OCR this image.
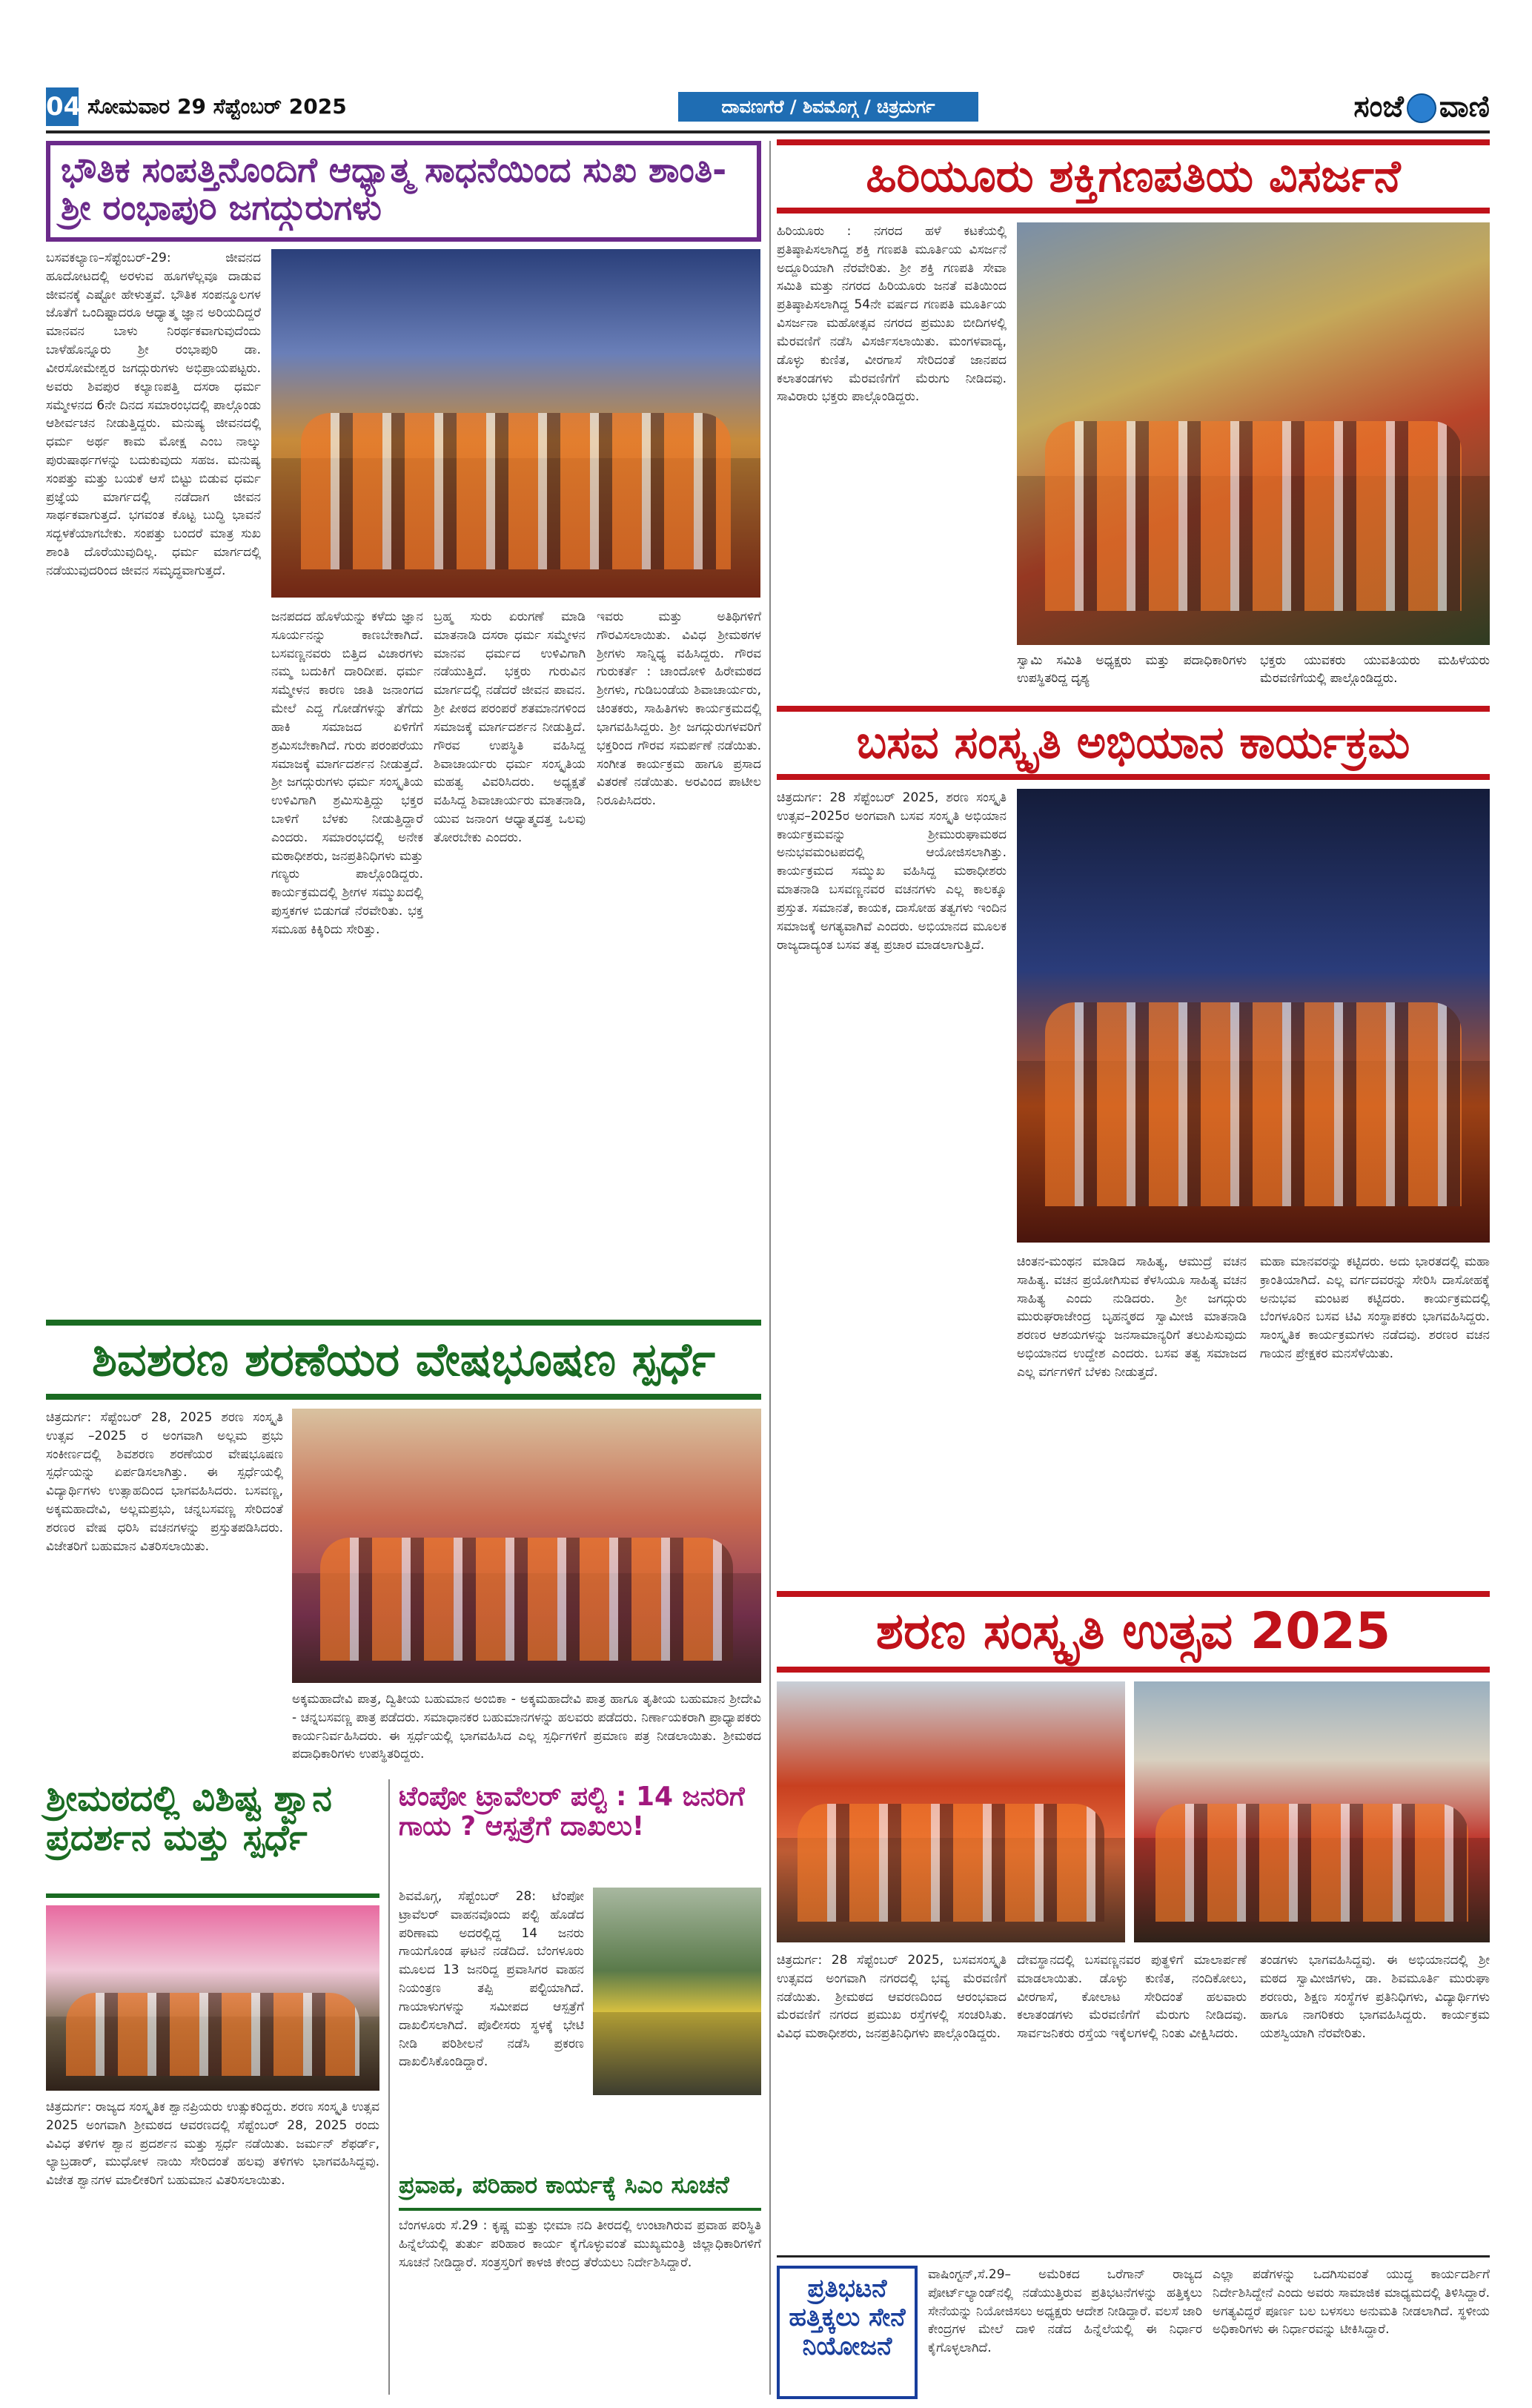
04 ಸೋಮವಾರ 29 ಸೆಪ್ಟೆಂಬರ್ 2025	ದಾವಣಗೆರೆ / ಶಿವಮೊಗ್ಗ / ಚಿತ್ರದುರ್ಗ	ಸಂಜೆ ವಾಣಿ
ಭೌತಿಕ ಸಂಪತ್ತಿನೊಂದಿಗೆ ಆಧ್ಯಾತ್ಮ ಸಾಧನೆಯಿಂದ ಸುಖ ಶಾಂತಿ-ಶ್ರೀ ರಂಭಾಪುರಿ ಜಗದ್ಗುರುಗಳು
ಬಸವಕಲ್ಯಾಣ–ಸೆಪ್ಟೆಂಬರ್-29: ಜೀವನದ ಹೂದೋಟದಲ್ಲಿ ಅರಳುವ ಹೂಗಳೆಲ್ಲವೂ ದಾಡುವ ಜೀವನಕ್ಕೆ ಎಷ್ಟೋ ಹೇಳುತ್ತವೆ. ಭೌತಿಕ ಸಂಪನ್ಮೂಲಗಳ ಜೊತೆಗೆ ಒಂದಿಷ್ಟಾದರೂ ಆಧ್ಯಾತ್ಮ ಜ್ಞಾನ ಅರಿಯದಿದ್ದರೆ ಮಾನವನ ಬಾಳು ನಿರರ್ಥಕವಾಗುವುದೆಂದು ಬಾಳೆಹೊನ್ನೂರು ಶ್ರೀ ರಂಭಾಪುರಿ ಡಾ. ವೀರಸೋಮೇಶ್ವರ ಜಗದ್ಗುರುಗಳು ಅಭಿಪ್ರಾಯಪಟ್ಟರು. ಅವರು ಶಿವಪುರ ಕಲ್ಯಾಣಪತ್ತಿ ದಸರಾ ಧರ್ಮ ಸಮ್ಮೇಳನದ 6ನೇ ದಿನದ ಸಮಾರಂಭದಲ್ಲಿ ಪಾಲ್ಗೊಂಡು ಆಶೀರ್ವಚನ ನೀಡುತ್ತಿದ್ದರು. ಮನುಷ್ಯ ಜೀವನದಲ್ಲಿ ಧರ್ಮ ಅರ್ಥ ಕಾಮ ಮೋಕ್ಷ ಎಂಬ ನಾಲ್ಕು ಪುರುಷಾರ್ಥಗಳನ್ನು ಬದುಕುವುದು ಸಹಜ. ಮನುಷ್ಯ ಸಂಪತ್ತು ಮತ್ತು ಬಯಕೆ ಆಸೆ ಬಿಟ್ಟು ಬಿಡುವ ಧರ್ಮ ಪ್ರಜ್ಞೆಯ ಮಾರ್ಗದಲ್ಲಿ ನಡೆದಾಗ ಜೀವನ ಸಾರ್ಥಕವಾಗುತ್ತದೆ. ಭಗವಂತ ಕೊಟ್ಟ ಬುದ್ಧಿ ಭಾವನೆ ಸದ್ಭಳಕೆಯಾಗಬೇಕು. ಸಂಪತ್ತು ಬಂದರೆ ಮಾತ್ರ ಸುಖ ಶಾಂತಿ ದೊರೆಯುವುದಿಲ್ಲ. ಧರ್ಮ ಮಾರ್ಗದಲ್ಲಿ ನಡೆಯುವುದರಿಂದ ಜೀವನ ಸಮೃದ್ಧವಾಗುತ್ತದೆ.
ಜನಪದದ ಹೊಳೆಯನ್ನು ಕಳೆದು ಜ್ಞಾನ ಸೂರ್ಯನನ್ನು ಕಾಣಬೇಕಾಗಿದೆ. ಬಸವಣ್ಣನವರು ಬಿತ್ತಿದ ವಿಚಾರಗಳು ನಮ್ಮ ಬದುಕಿಗೆ ದಾರಿದೀಪ. ಧರ್ಮ ಸಮ್ಮೇಳನ ಕಾರಣ ಜಾತಿ ಜನಾಂಗದ ಮೇಲೆ ಎದ್ದ ಗೋಡೆಗಳನ್ನು ತೆಗೆದು ಹಾಕಿ ಸಮಾಜದ ಏಳಿಗೆಗೆ ಶ್ರಮಿಸಬೇಕಾಗಿದೆ. ಗುರು ಪರಂಪರೆಯು ಸಮಾಜಕ್ಕೆ ಮಾರ್ಗದರ್ಶನ ನೀಡುತ್ತದೆ. ಶ್ರೀ ಜಗದ್ಗುರುಗಳು ಧರ್ಮ ಸಂಸ್ಕೃತಿಯ ಉಳಿವಿಗಾಗಿ ಶ್ರಮಿಸುತ್ತಿದ್ದು ಭಕ್ತರ ಬಾಳಿಗೆ ಬೆಳಕು ನೀಡುತ್ತಿದ್ದಾರೆ ಎಂದರು. ಸಮಾರಂಭದಲ್ಲಿ ಅನೇಕ ಮಠಾಧೀಶರು, ಜನಪ್ರತಿನಿಧಿಗಳು ಮತ್ತು ಗಣ್ಯರು ಪಾಲ್ಗೊಂಡಿದ್ದರು. ಕಾರ್ಯಕ್ರಮದಲ್ಲಿ ಶ್ರೀಗಳ ಸಮ್ಮುಖದಲ್ಲಿ ಪುಸ್ತಕಗಳ ಬಿಡುಗಡೆ ನೆರವೇರಿತು. ಭಕ್ತ ಸಮೂಹ ಕಿಕ್ಕಿರಿದು ಸೇರಿತ್ತು.
ಬ್ರಹ್ಮ ಸುರು ಏರುಗಣೆ ಮಾಡಿ ಮಾತನಾಡಿ ದಸರಾ ಧರ್ಮ ಸಮ್ಮೇಳನ ಮಾನವ ಧರ್ಮದ ಉಳಿವಿಗಾಗಿ ನಡೆಯುತ್ತಿದೆ. ಭಕ್ತರು ಗುರುವಿನ ಮಾರ್ಗದಲ್ಲಿ ನಡೆದರೆ ಜೀವನ ಪಾವನ. ಶ್ರೀ ಪೀಠದ ಪರಂಪರೆ ಶತಮಾನಗಳಿಂದ ಸಮಾಜಕ್ಕೆ ಮಾರ್ಗದರ್ಶನ ನೀಡುತ್ತಿದೆ. ಗೌರವ ಉಪಸ್ಥಿತಿ ವಹಿಸಿದ್ದ ಶಿವಾಚಾರ್ಯರು ಧರ್ಮ ಸಂಸ್ಕೃತಿಯ ಮಹತ್ವ ವಿವರಿಸಿದರು. ಅಧ್ಯಕ್ಷತೆ ವಹಿಸಿದ್ದ ಶಿವಾಚಾರ್ಯರು ಮಾತನಾಡಿ, ಯುವ ಜನಾಂಗ ಆಧ್ಯಾತ್ಮದತ್ತ ಒಲವು ತೋರಬೇಕು ಎಂದರು.
ಇವರು ಮತ್ತು ಅತಿಥಿಗಳಿಗೆ ಗೌರವಿಸಲಾಯಿತು. ವಿವಿಧ ಶ್ರೀಮಠಗಳ ಶ್ರೀಗಳು ಸಾನ್ನಿಧ್ಯ ವಹಿಸಿದ್ದರು. ಗೌರವ ಗುರುಕರ್ತೆ : ಚಾಂದೋಳಿ ಹಿರೇಮಠದ ಶ್ರೀಗಳು, ಗುಡಿಬಂಡೆಯ ಶಿವಾಚಾರ್ಯರು, ಚಿಂತಕರು, ಸಾಹಿತಿಗಳು ಕಾರ್ಯಕ್ರಮದಲ್ಲಿ ಭಾಗವಹಿಸಿದ್ದರು. ಶ್ರೀ ಜಗದ್ಗುರುಗಳವರಿಗೆ ಭಕ್ತರಿಂದ ಗೌರವ ಸಮರ್ಪಣೆ ನಡೆಯಿತು. ಸಂಗೀತ ಕಾರ್ಯಕ್ರಮ ಹಾಗೂ ಪ್ರಸಾದ ವಿತರಣೆ ನಡೆಯಿತು. ಅರವಿಂದ ಪಾಟೀಲ ನಿರೂಪಿಸಿದರು.
ಶಿವಶರಣ ಶರಣೆಯರ ವೇಷಭೂಷಣ ಸ್ಪರ್ಧೆ
ಚಿತ್ರದುರ್ಗ: ಸೆಪ್ಟೆಂಬರ್ 28, 2025 ಶರಣ ಸಂಸ್ಕೃತಿ ಉತ್ಸವ –2025 ರ ಅಂಗವಾಗಿ ಅಲ್ಲಮ ಪ್ರಭು ಸಂಕೀರ್ಣದಲ್ಲಿ ಶಿವಶರಣ ಶರಣೆಯರ ವೇಷಭೂಷಣ ಸ್ಪರ್ಧೆಯನ್ನು ಏರ್ಪಡಿಸಲಾಗಿತ್ತು. ಈ ಸ್ಪರ್ಧೆಯಲ್ಲಿ ವಿದ್ಯಾರ್ಥಿಗಳು ಉತ್ಸಾಹದಿಂದ ಭಾಗವಹಿಸಿದರು. ಬಸವಣ್ಣ, ಅಕ್ಕಮಹಾದೇವಿ, ಅಲ್ಲಮಪ್ರಭು, ಚನ್ನಬಸವಣ್ಣ ಸೇರಿದಂತೆ ಶರಣರ ವೇಷ ಧರಿಸಿ ವಚನಗಳನ್ನು ಪ್ರಸ್ತುತಪಡಿಸಿದರು. ವಿಜೇತರಿಗೆ ಬಹುಮಾನ ವಿತರಿಸಲಾಯಿತು.
ಅಕ್ಕಮಹಾದೇವಿ ಪಾತ್ರ, ದ್ವಿತೀಯ ಬಹುಮಾನ ಅಂಬಿಕಾ - ಅಕ್ಕಮಹಾದೇವಿ ಪಾತ್ರ ಹಾಗೂ ತೃತೀಯ ಬಹುಮಾನ ಶ್ರೀದೇವಿ - ಚನ್ನಬಸವಣ್ಣ ಪಾತ್ರ ಪಡೆದರು. ಸಮಾಧಾನಕರ ಬಹುಮಾನಗಳನ್ನು ಹಲವರು ಪಡೆದರು. ನಿರ್ಣಾಯಕರಾಗಿ ಪ್ರಾಧ್ಯಾಪಕರು ಕಾರ್ಯನಿರ್ವಹಿಸಿದರು. ಈ ಸ್ಪರ್ಧೆಯಲ್ಲಿ ಭಾಗವಹಿಸಿದ ಎಲ್ಲ ಸ್ಪರ್ಧಿಗಳಿಗೆ ಪ್ರಮಾಣ ಪತ್ರ ನೀಡಲಾಯಿತು. ಶ್ರೀಮಠದ ಪದಾಧಿಕಾರಿಗಳು ಉಪಸ್ಥಿತರಿದ್ದರು.
ಶ್ರೀಮಠದಲ್ಲಿ ವಿಶಿಷ್ಟ ಶ್ವಾನ ಪ್ರದರ್ಶನ ಮತ್ತು ಸ್ಪರ್ಧೆ
ಚಿತ್ರದುರ್ಗ: ರಾಜ್ಯದ ಸಂಸ್ಕೃತಿಕ ಶ್ವಾನಪ್ರಿಯರು ಉತ್ಸುಕರಿದ್ದರು. ಶರಣ ಸಂಸ್ಕೃತಿ ಉತ್ಸವ 2025 ಅಂಗವಾಗಿ ಶ್ರೀಮಠದ ಆವರಣದಲ್ಲಿ ಸೆಪ್ಟೆಂಬರ್ 28, 2025 ರಂದು ವಿವಿಧ ತಳಿಗಳ ಶ್ವಾನ ಪ್ರದರ್ಶನ ಮತ್ತು ಸ್ಪರ್ಧೆ ನಡೆಯಿತು. ಜರ್ಮನ್ ಶೆಫರ್ಡ್, ಲ್ಯಾಬ್ರಡಾರ್, ಮುಧೋಳ ನಾಯಿ ಸೇರಿದಂತೆ ಹಲವು ತಳಿಗಳು ಭಾಗವಹಿಸಿದ್ದವು. ವಿಜೇತ ಶ್ವಾನಗಳ ಮಾಲೀಕರಿಗೆ ಬಹುಮಾನ ವಿತರಿಸಲಾಯಿತು.
ಟೆಂಪೋ ಟ್ರಾವೆಲರ್ ಪಲ್ಟಿ : 14 ಜನರಿಗೆ ಗಾಯ ? ಆಸ್ಪತ್ರೆಗೆ ದಾಖಲು!
ಶಿವಮೊಗ್ಗ, ಸೆಪ್ಟೆಂಬರ್ 28: ಟೆಂಪೋ ಟ್ರಾವೆಲರ್ ವಾಹನವೊಂದು ಪಲ್ಟಿ ಹೊಡೆದ ಪರಿಣಾಮ ಅದರಲ್ಲಿದ್ದ 14 ಜನರು ಗಾಯಗೊಂಡ ಘಟನೆ ನಡೆದಿದೆ. ಬೆಂಗಳೂರು ಮೂಲದ 13 ಜನರಿದ್ದ ಪ್ರವಾಸಿಗರ ವಾಹನ ನಿಯಂತ್ರಣ ತಪ್ಪಿ ಪಲ್ಟಿಯಾಗಿದೆ. ಗಾಯಾಳುಗಳನ್ನು ಸಮೀಪದ ಆಸ್ಪತ್ರೆಗೆ ದಾಖಲಿಸಲಾಗಿದೆ. ಪೊಲೀಸರು ಸ್ಥಳಕ್ಕೆ ಭೇಟಿ ನೀಡಿ ಪರಿಶೀಲನೆ ನಡೆಸಿ ಪ್ರಕರಣ ದಾಖಲಿಸಿಕೊಂಡಿದ್ದಾರೆ.
ಪ್ರವಾಹ, ಪರಿಹಾರ ಕಾರ್ಯಕ್ಕೆ ಸಿಎಂ ಸೂಚನೆ
ಬೆಂಗಳೂರು ಸೆ.29 : ಕೃಷ್ಣ ಮತ್ತು ಭೀಮಾ ನದಿ ತೀರದಲ್ಲಿ ಉಂಟಾಗಿರುವ ಪ್ರವಾಹ ಪರಿಸ್ಥಿತಿ ಹಿನ್ನೆಲೆಯಲ್ಲಿ ತುರ್ತು ಪರಿಹಾರ ಕಾರ್ಯ ಕೈಗೊಳ್ಳುವಂತೆ ಮುಖ್ಯಮಂತ್ರಿ ಜಿಲ್ಲಾಧಿಕಾರಿಗಳಿಗೆ ಸೂಚನೆ ನೀಡಿದ್ದಾರೆ. ಸಂತ್ರಸ್ತರಿಗೆ ಕಾಳಜಿ ಕೇಂದ್ರ ತೆರೆಯಲು ನಿರ್ದೇಶಿಸಿದ್ದಾರೆ.
ಹಿರಿಯೂರು ಶಕ್ತಿಗಣಪತಿಯ ವಿಸರ್ಜನೆ
ಹಿರಿಯೂರು : ನಗರದ ಹಳೆ ಕಟಕೆಯಲ್ಲಿ ಪ್ರತಿಷ್ಠಾಪಿಸಲಾಗಿದ್ದ ಶಕ್ತಿ ಗಣಪತಿ ಮೂರ್ತಿಯ ವಿಸರ್ಜನೆ ಅದ್ದೂರಿಯಾಗಿ ನೆರವೇರಿತು. ಶ್ರೀ ಶಕ್ತಿ ಗಣಪತಿ ಸೇವಾ ಸಮಿತಿ ಮತ್ತು ನಗರದ ಹಿರಿಯೂರು ಜನತೆ ವತಿಯಿಂದ ಪ್ರತಿಷ್ಠಾಪಿಸಲಾಗಿದ್ದ 54ನೇ ವರ್ಷದ ಗಣಪತಿ ಮೂರ್ತಿಯ ವಿಸರ್ಜನಾ ಮಹೋತ್ಸವ ನಗರದ ಪ್ರಮುಖ ಬೀದಿಗಳಲ್ಲಿ ಮೆರವಣಿಗೆ ನಡೆಸಿ ವಿಸರ್ಜಿಸಲಾಯಿತು. ಮಂಗಳವಾದ್ಯ, ಡೊಳ್ಳು ಕುಣಿತ, ವೀರಗಾಸೆ ಸೇರಿದಂತೆ ಜಾನಪದ ಕಲಾತಂಡಗಳು ಮೆರವಣಿಗೆಗೆ ಮೆರುಗು ನೀಡಿದವು. ಸಾವಿರಾರು ಭಕ್ತರು ಪಾಲ್ಗೊಂಡಿದ್ದರು.
ಸ್ವಾಮಿ ಸಮಿತಿ ಅಧ್ಯಕ್ಷರು ಮತ್ತು ಪದಾಧಿಕಾರಿಗಳು ಉಪಸ್ಥಿತರಿದ್ದ ದೃಶ್ಯ
ಭಕ್ತರು ಯುವಕರು ಯುವತಿಯರು ಮಹಿಳೆಯರು ಮೆರವಣಿಗೆಯಲ್ಲಿ ಪಾಲ್ಗೊಂಡಿದ್ದರು.
ಬಸವ ಸಂಸ್ಕೃತಿ ಅಭಿಯಾನ ಕಾರ್ಯಕ್ರಮ
ಚಿತ್ರದುರ್ಗ: 28 ಸೆಪ್ಟೆಂಬರ್ 2025, ಶರಣ ಸಂಸ್ಕೃತಿ ಉತ್ಸವ–2025ರ ಅಂಗವಾಗಿ ಬಸವ ಸಂಸ್ಕೃತಿ ಅಭಿಯಾನ ಕಾರ್ಯಕ್ರಮವನ್ನು ಶ್ರೀಮುರುಘಾಮಠದ ಅನುಭವಮಂಟಪದಲ್ಲಿ ಆಯೋಜಿಸಲಾಗಿತ್ತು. ಕಾರ್ಯಕ್ರಮದ ಸಮ್ಮುಖ ವಹಿಸಿದ್ದ ಮಠಾಧೀಶರು ಮಾತನಾಡಿ ಬಸವಣ್ಣನವರ ವಚನಗಳು ಎಲ್ಲ ಕಾಲಕ್ಕೂ ಪ್ರಸ್ತುತ. ಸಮಾನತೆ, ಕಾಯಕ, ದಾಸೋಹ ತತ್ವಗಳು ಇಂದಿನ ಸಮಾಜಕ್ಕೆ ಅಗತ್ಯವಾಗಿವೆ ಎಂದರು. ಅಭಿಯಾನದ ಮೂಲಕ ರಾಜ್ಯದಾದ್ಯಂತ ಬಸವ ತತ್ವ ಪ್ರಚಾರ ಮಾಡಲಾಗುತ್ತಿದೆ.
ಚಿಂತನ-ಮಂಥನ ಮಾಡಿದ ಸಾಹಿತ್ಯ, ಆಮುದ್ರೆ ವಚನ ಸಾಹಿತ್ಯ. ವಚನ ಪ್ರಯೋಗಿಸುವ ಕೆಳಸಿಯೂ ಸಾಹಿತ್ಯ ವಚನ ಸಾಹಿತ್ಯ ಎಂದು ನುಡಿದರು. ಶ್ರೀ ಜಗದ್ಗುರು ಮುರುಘರಾಜೇಂದ್ರ ಬೃಹನ್ಮಠದ ಸ್ವಾಮೀಜಿ ಮಾತನಾಡಿ ಶರಣರ ಆಶಯಗಳನ್ನು ಜನಸಾಮಾನ್ಯರಿಗೆ ತಲುಪಿಸುವುದು ಅಭಿಯಾನದ ಉದ್ದೇಶ ಎಂದರು. ಬಸವ ತತ್ವ ಸಮಾಜದ ಎಲ್ಲ ವರ್ಗಗಳಿಗೆ ಬೆಳಕು ನೀಡುತ್ತದೆ.
ಮಹಾ ಮಾನವರನ್ನು ಕಟ್ಟಿದರು. ಅದು ಭಾರತದಲ್ಲಿ ಮಹಾ ಕ್ರಾಂತಿಯಾಗಿದೆ. ಎಲ್ಲ ವರ್ಗದವರನ್ನು ಸೇರಿಸಿ ದಾಸೋಹಕ್ಕೆ ಅನುಭವ ಮಂಟಪ ಕಟ್ಟಿದರು. ಕಾರ್ಯಕ್ರಮದಲ್ಲಿ ಬೆಂಗಳೂರಿನ ಬಸವ ಟಿವಿ ಸಂಸ್ಥಾಪಕರು ಭಾಗವಹಿಸಿದ್ದರು. ಸಾಂಸ್ಕೃತಿಕ ಕಾರ್ಯಕ್ರಮಗಳು ನಡೆದವು. ಶರಣರ ವಚನ ಗಾಯನ ಪ್ರೇಕ್ಷಕರ ಮನಸೆಳೆಯಿತು.
ಶರಣ ಸಂಸ್ಕೃತಿ ಉತ್ಸವ 2025
ಚಿತ್ರದುರ್ಗ: 28 ಸೆಪ್ಟೆಂಬರ್ 2025, ಬಸವಸಂಸ್ಕೃತಿ ಉತ್ಸವದ ಅಂಗವಾಗಿ ನಗರದಲ್ಲಿ ಭವ್ಯ ಮೆರವಣಿಗೆ ನಡೆಯಿತು. ಶ್ರೀಮಠದ ಆವರಣದಿಂದ ಆರಂಭವಾದ ಮೆರವಣಿಗೆ ನಗರದ ಪ್ರಮುಖ ರಸ್ತೆಗಳಲ್ಲಿ ಸಂಚರಿಸಿತು. ವಿವಿಧ ಮಠಾಧೀಶರು, ಜನಪ್ರತಿನಿಧಿಗಳು ಪಾಲ್ಗೊಂಡಿದ್ದರು.
ದೇವಸ್ಥಾನದಲ್ಲಿ ಬಸವಣ್ಣನವರ ಪುತ್ಥಳಿಗೆ ಮಾಲಾರ್ಪಣೆ ಮಾಡಲಾಯಿತು. ಡೊಳ್ಳು ಕುಣಿತ, ನಂದಿಕೋಲು, ವೀರಗಾಸೆ, ಕೋಲಾಟ ಸೇರಿದಂತೆ ಹಲವಾರು ಕಲಾತಂಡಗಳು ಮೆರವಣಿಗೆಗೆ ಮೆರುಗು ನೀಡಿದವು. ಸಾರ್ವಜನಿಕರು ರಸ್ತೆಯ ಇಕ್ಕೆಲಗಳಲ್ಲಿ ನಿಂತು ವೀಕ್ಷಿಸಿದರು.
ತಂಡಗಳು ಭಾಗವಹಿಸಿದ್ದವು. ಈ ಅಭಿಯಾನದಲ್ಲಿ ಶ್ರೀ ಮಠದ ಸ್ವಾಮೀಜಿಗಳು, ಡಾ. ಶಿವಮೂರ್ತಿ ಮುರುಘಾ ಶರಣರು, ಶಿಕ್ಷಣ ಸಂಸ್ಥೆಗಳ ಪ್ರತಿನಿಧಿಗಳು, ವಿದ್ಯಾರ್ಥಿಗಳು ಹಾಗೂ ನಾಗರಿಕರು ಭಾಗವಹಿಸಿದ್ದರು. ಕಾರ್ಯಕ್ರಮ ಯಶಸ್ವಿಯಾಗಿ ನೆರವೇರಿತು.
ಪ್ರತಿಭಟನೆ ಹತ್ತಿಕ್ಕಲು ಸೇನೆ ನಿಯೋಜನೆ
ವಾಷಿಂಗ್ಟನ್,ಸೆ.29– ಅಮೆರಿಕದ ಒರೆಗಾನ್ ರಾಜ್ಯದ ಪೋರ್ಟ್‌ಲ್ಯಾಂಡ್‌ನಲ್ಲಿ ನಡೆಯುತ್ತಿರುವ ಪ್ರತಿಭಟನೆಗಳನ್ನು ಹತ್ತಿಕ್ಕಲು ಸೇನೆಯನ್ನು ನಿಯೋಜಿಸಲು ಅಧ್ಯಕ್ಷರು ಆದೇಶ ನೀಡಿದ್ದಾರೆ. ವಲಸೆ ಜಾರಿ ಕೇಂದ್ರಗಳ ಮೇಲೆ ದಾಳಿ ನಡೆದ ಹಿನ್ನೆಲೆಯಲ್ಲಿ ಈ ನಿರ್ಧಾರ ಕೈಗೊಳ್ಳಲಾಗಿದೆ.
ಎಲ್ಲಾ ಪಡೆಗಳನ್ನು ಒದಗಿಸುವಂತೆ ಯುದ್ಧ ಕಾರ್ಯದರ್ಶಿಗೆ ನಿರ್ದೇಶಿಸಿದ್ದೇನೆ ಎಂದು ಅವರು ಸಾಮಾಜಿಕ ಮಾಧ್ಯಮದಲ್ಲಿ ತಿಳಿಸಿದ್ದಾರೆ. ಅಗತ್ಯವಿದ್ದರೆ ಪೂರ್ಣ ಬಲ ಬಳಸಲು ಅನುಮತಿ ನೀಡಲಾಗಿದೆ. ಸ್ಥಳೀಯ ಅಧಿಕಾರಿಗಳು ಈ ನಿರ್ಧಾರವನ್ನು ಟೀಕಿಸಿದ್ದಾರೆ.
